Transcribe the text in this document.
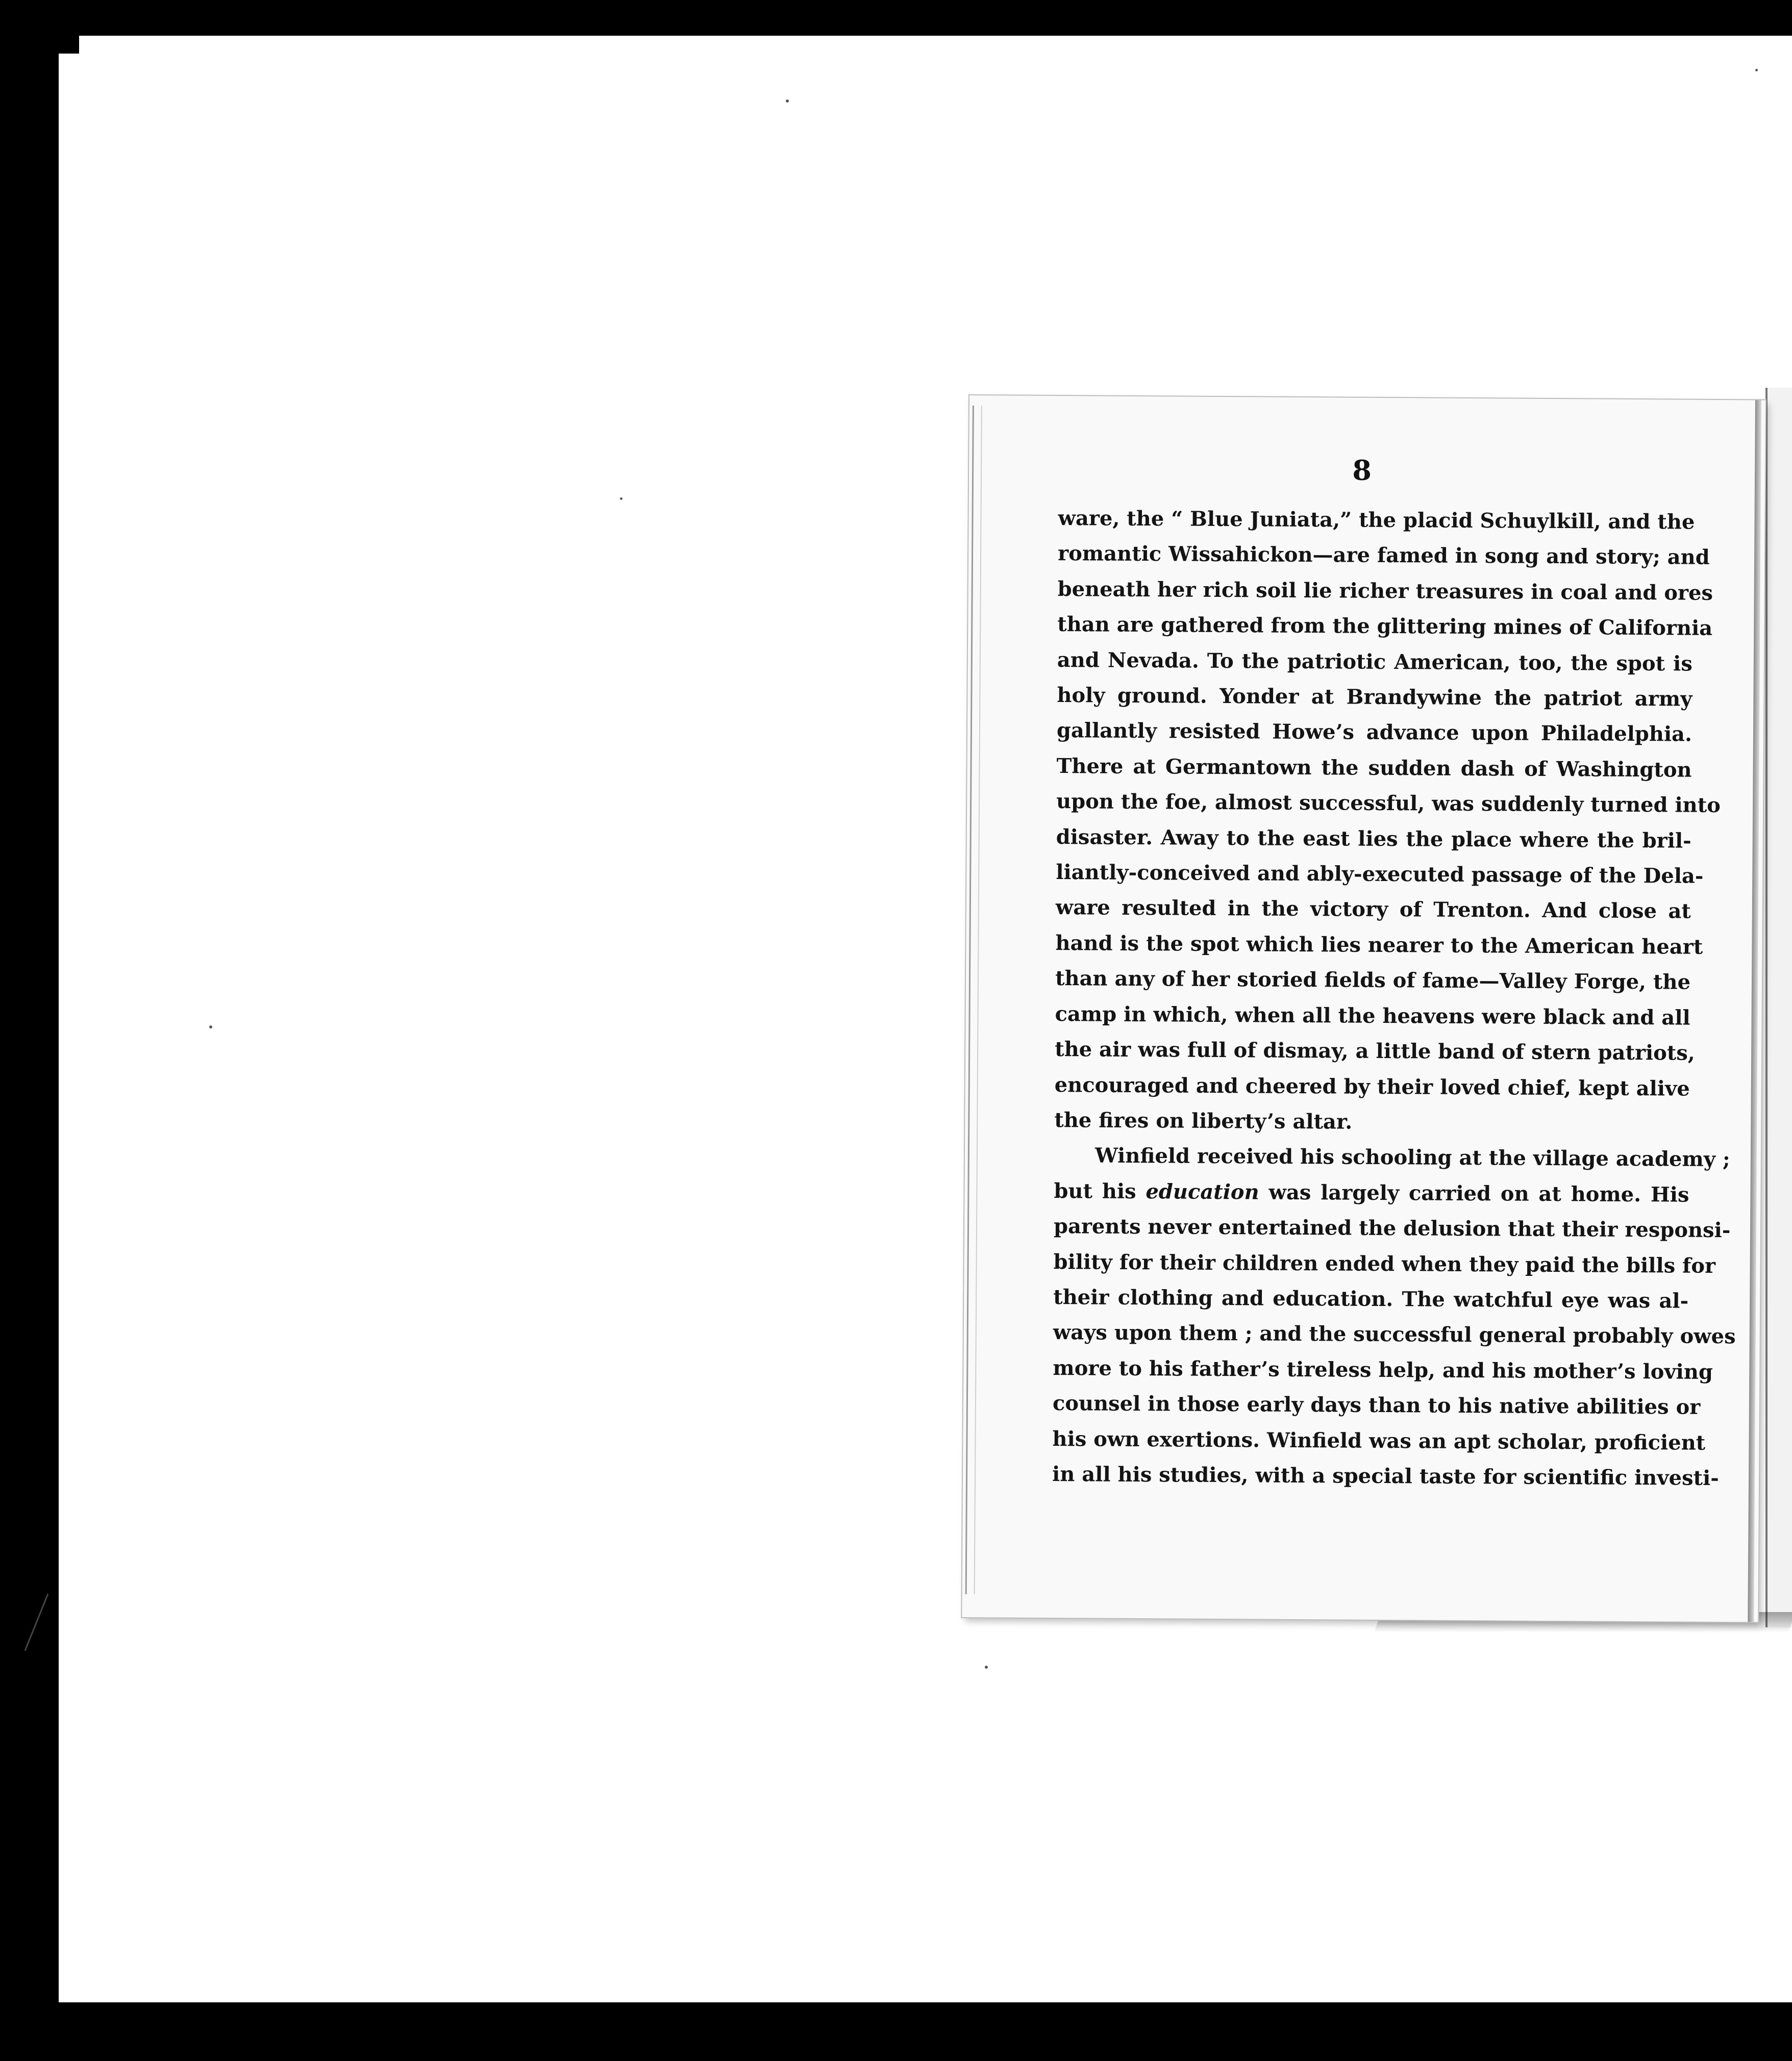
8
ware, the “ Blue Juniata,” the placid Schuylkill, and the
romantic Wissahickon—are famed in song and story; and
beneath her rich soil lie richer treasures in coal and ores
than are gathered from the glittering mines of California
and Nevada. To the patriotic American, too, the spot is
holy ground. Yonder at Brandywine the patriot army
gallantly resisted Howe’s advance upon Philadelphia.
There at Germantown the sudden dash of Washington
upon the foe, almost successful, was suddenly turned into
disaster. Away to the east lies the place where the bril-
liantly-conceived and ably-executed passage of the Dela-
ware resulted in the victory of Trenton. And close at
hand is the spot which lies nearer to the American heart
than any of her storied fields of fame—Valley Forge, the
camp in which, when all the heavens were black and all
the air was full of dismay, a little band of stern patriots,
encouraged and cheered by their loved chief, kept alive
the fires on liberty’s altar.
Winfield received his schooling at the village academy ;
but his education was largely carried on at home. His
parents never entertained the delusion that their responsi-
bility for their children ended when they paid the bills for
their clothing and education. The watchful eye was al-
ways upon them ; and the successful general probably owes
more to his father’s tireless help, and his mother’s loving
counsel in those early days than to his native abilities or
his own exertions. Winfield was an apt scholar, proficient
in all his studies, with a special taste for scientific investi-
